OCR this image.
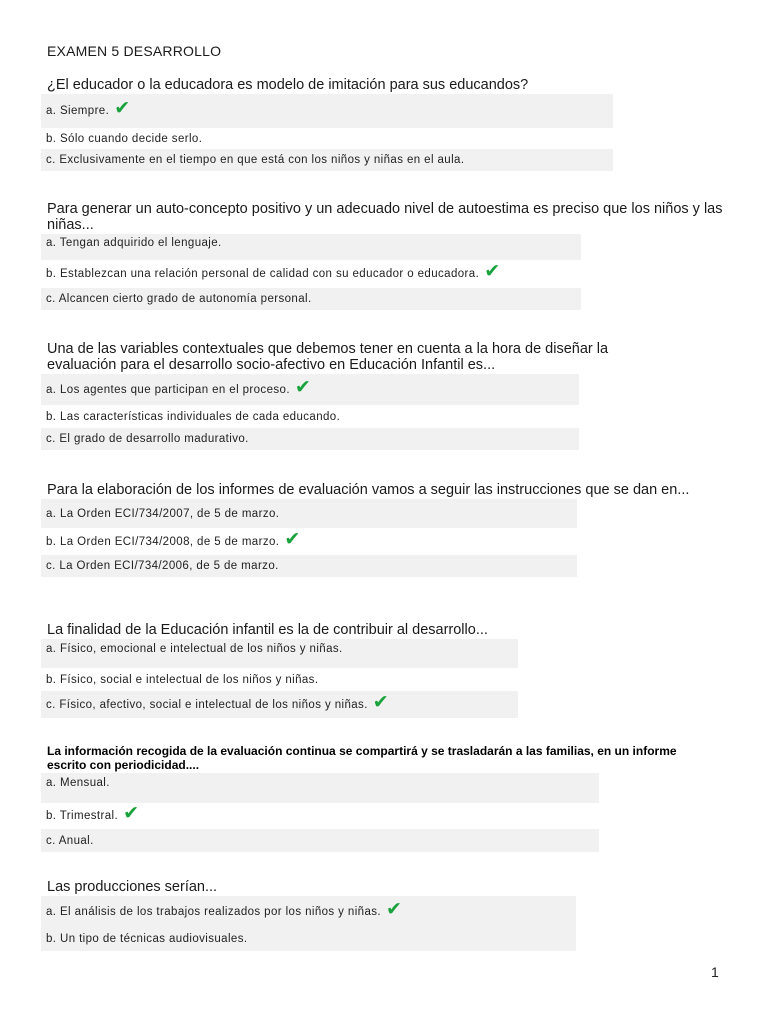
EXAMEN 5 DESARROLLO
¿El educador o la educadora es modelo de imitación para sus educandos?
a. Siempre. ✔
b. Sólo cuando decide serlo.
c. Exclusivamente en el tiempo en que está con los niños y niñas en el aula.
Para generar un auto-concepto positivo y un adecuado nivel de autoestima es preciso que los niños y las niñas...
a. Tengan adquirido el lenguaje.
b. Establezcan una relación personal de calidad con su educador o educadora. ✔
c. Alcancen cierto grado de autonomía personal.
Una de las variables contextuales que debemos tener en cuenta a la hora de diseñar la evaluación para el desarrollo socio-afectivo en Educación Infantil es...
a. Los agentes que participan en el proceso. ✔
b. Las características individuales de cada educando.
c. El grado de desarrollo madurativo.
Para la elaboración de los informes de evaluación vamos a seguir las instrucciones que se dan en...
a. La Orden ECI/734/2007, de 5 de marzo.
b. La Orden ECI/734/2008, de 5 de marzo. ✔
c. La Orden ECI/734/2006, de 5 de marzo.
La finalidad de la Educación infantil es la de contribuir al desarrollo...
a. Físico, emocional e intelectual de los niños y niñas.
b. Físico, social e intelectual de los niños y niñas.
c. Físico, afectivo, social e intelectual de los niños y niñas. ✔
La información recogida de la evaluación continua se compartirá y se trasladarán a las familias, en un informe escrito con periodicidad....
a. Mensual.
b. Trimestral. ✔
c. Anual.
Las producciones serían...
a. El análisis de los trabajos realizados por los niños y niñas. ✔
b. Un tipo de técnicas audiovisuales.
1
